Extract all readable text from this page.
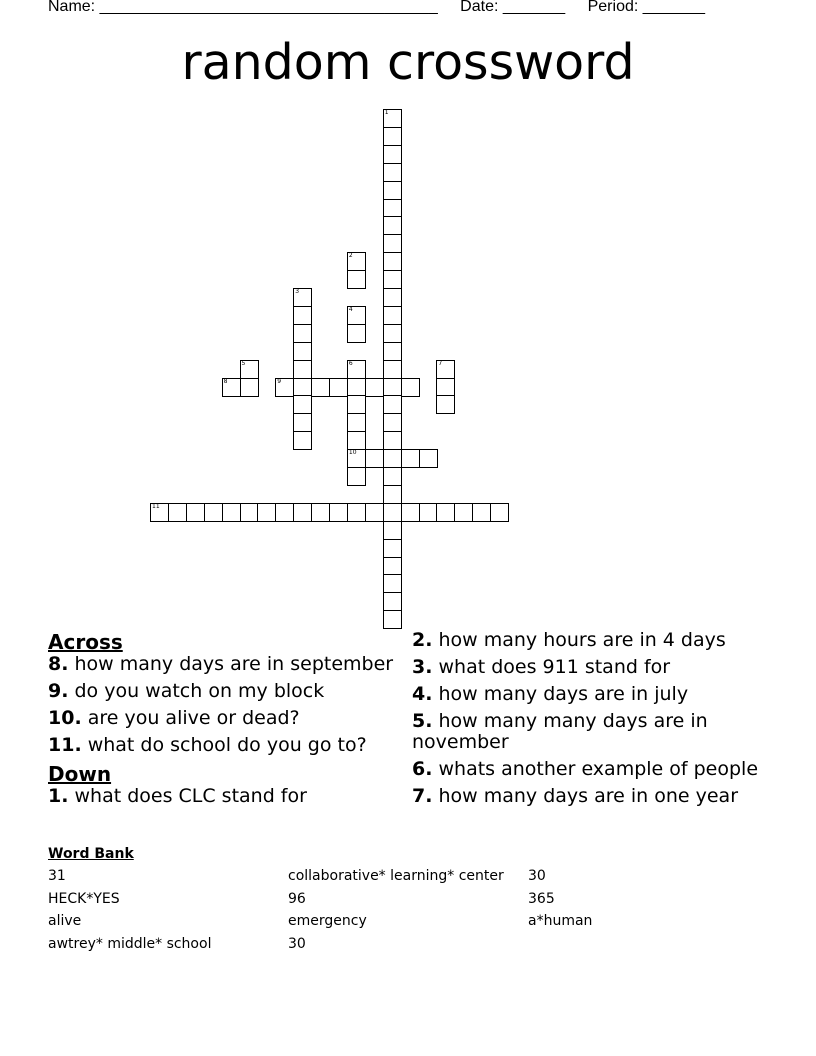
Name: ______________________________________ Date: _______ Period: _______
random crossword
1
2
3
4
5	6
10
7
8	9
11
Across
8. how many days are in september
9. do you watch on my block
10. are you alive or dead?
11. what do school do you go to?
Down
1. what does CLC stand for
2. how many hours are in 4 days
3. what does 911 stand for
4. how many days are in july
5. how many many days are in november
6. whats another example of people
7. how many days are in one year
Word Bank
31
HECK*YES
alive
awtrey* middle* school
collaborative* learning* center
96
emergency
30
30
365
a*human
